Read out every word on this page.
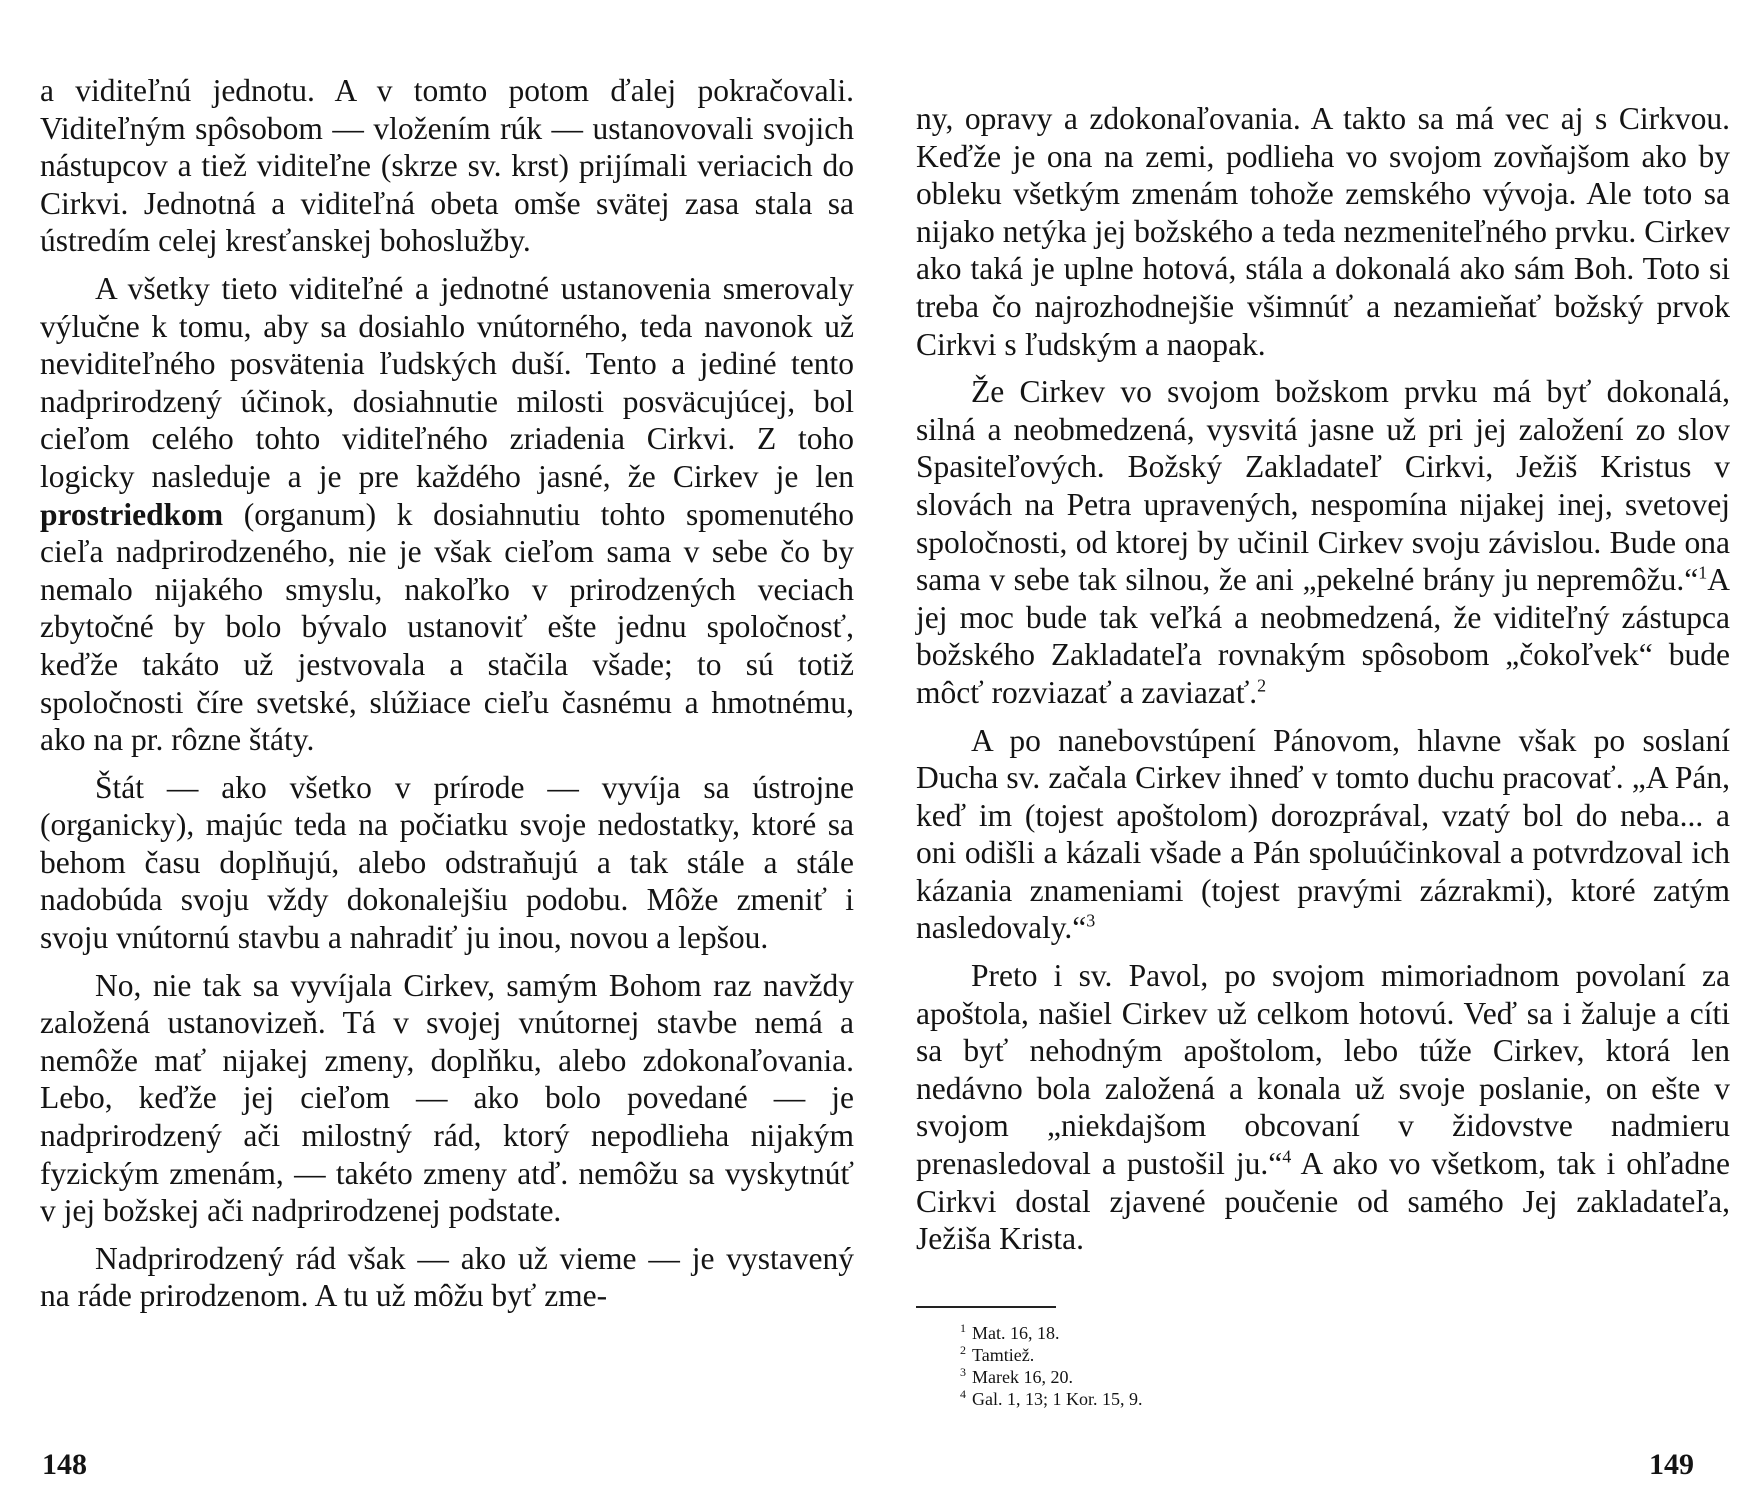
a viditeľnú jednotu. A v tomto potom ďalej pokračovali. Viditeľným spôsobom — vložením rúk — ustanovovali svojich nástupcov a tiež viditeľne (skrze sv. krst) prijímali veriacich do Cirkvi. Jednotná a viditeľná obeta omše svätej zasa stala sa ústredím celej kresťanskej bohoslužby.

A všetky tieto viditeľné a jednotné ustanovenia smerovaly výlučne k tomu, aby sa dosiahlo vnútorného, teda navonok už neviditeľného posvätenia ľudských duší. Tento a jediné tento nadprirodzený účinok, dosiahnutie milosti posväcujúcej, bol cieľom celého tohto viditeľného zriadenia Cirkvi. Z toho logicky nasleduje a je pre každého jasné, že Cirkev je len prostriedkom (organum) k dosiahnutiu tohto spomenutého cieľa nadprirodzeného, nie je však cieľom sama v sebe čo by nemalo nijakého smyslu, nakoľko v prirodzených veciach zbytočné by bolo bývalo ustanoviť ešte jednu spoločnosť, keďže takáto už jestvovala a stačila všade; to sú totiž spoločnosti číre svetské, slúžiace cieľu časnému a hmotnému, ako na pr. rôzne štáty.

Štát — ako všetko v prírode — vyvíja sa ústrojne (organicky), majúc teda na počiatku svoje nedostatky, ktoré sa behom času doplňujú, alebo odstraňujú a tak stále a stále nadobúda svoju vždy dokonalejšiu podobu. Môže zmeniť i svoju vnútornú stavbu a nahradiť ju inou, novou a lepšou.

No, nie tak sa vyvíjala Cirkev, samým Bohom raz navždy založená ustanovizeň. Tá v svojej vnútornej stavbe nemá a nemôže mať nijakej zmeny, doplňku, alebo zdokonaľovania. Lebo, keďže jej cieľom — ako bolo povedané — je nadprirodzený ači milostný rád, ktorý nepodlieha nijakým fyzickým zmenám, — takéto zmeny atď. nemôžu sa vyskytnúť v jej božskej ači nadprirodzenej podstate.

Nadprirodzený rád však — ako už vieme — je vystavený na ráde prirodzenom. A tu už môžu byť zme-

148

ny, opravy a zdokonaľovania. A takto sa má vec aj s Cirkvou. Keďže je ona na zemi, podlieha vo svojom zovňajšom ako by obleku všetkým zmenám tohože zemského vývoja. Ale toto sa nijako netýka jej božského a teda nezmeniteľného prvku. Cirkev ako taká je uplne hotová, stála a dokonalá ako sám Boh. Toto si treba čo najrozhodnejšie všimnúť a nezamieňať božský prvok Cirkvi s ľudským a naopak.

Že Cirkev vo svojom božskom prvku má byť dokonalá, silná a neobmedzená, vysvitá jasne už pri jej založení zo slov Spasiteľových. Božský Zakladateľ Cirkvi, Ježiš Kristus v slovách na Petra upravených, nespomína nijakej inej, svetovej spoločnosti, od ktorej by učinil Cirkev svoju závislou. Bude ona sama v sebe tak silnou, že ani „pekelné brány ju nepremôžu.“$^1$A jej moc bude tak veľká a neobmedzená, že viditeľný zástupca božského Zakladateľa rovnakým spôsobom „čokoľvek“ bude môcť rozviazať a zaviazať.$^2$

A po nanebovstúpení Pánovom, hlavne však po soslaní Ducha sv. začala Cirkev ihneď v tomto duchu pracovať. „A Pán, keď im (tojest apoštolom) dorozprával, vzatý bol do neba... a oni odišli a kázali všade a Pán spoluúčinkoval a potvrdzoval ich kázania znameniami (tojest pravými zázrakmi), ktoré zatým nasledovaly.“$^3$

Preto i sv. Pavol, po svojom mimoriadnom povolaní za apoštola, našiel Cirkev už celkom hotovú. Veď sa i žaluje a cíti sa byť nehodným apoštolom, lebo túže Cirkev, ktorá len nedávno bola založená a konala už svoje poslanie, on ešte v svojom „niekdajšom obcovaní v židovstve nadmieru prenasledoval a pustošil ju.“$^4$ A ako vo všetkom, tak i ohľadne Cirkvi dostal zjavené poučenie od samého Jej zakladateľa, Ježiša Krista.

$^1$ Mat. 16, 18.
$^2$ Tamtiež.
$^3$ Marek 16, 20.
$^4$ Gal. 1, 13; 1 Kor. 15, 9.
149
